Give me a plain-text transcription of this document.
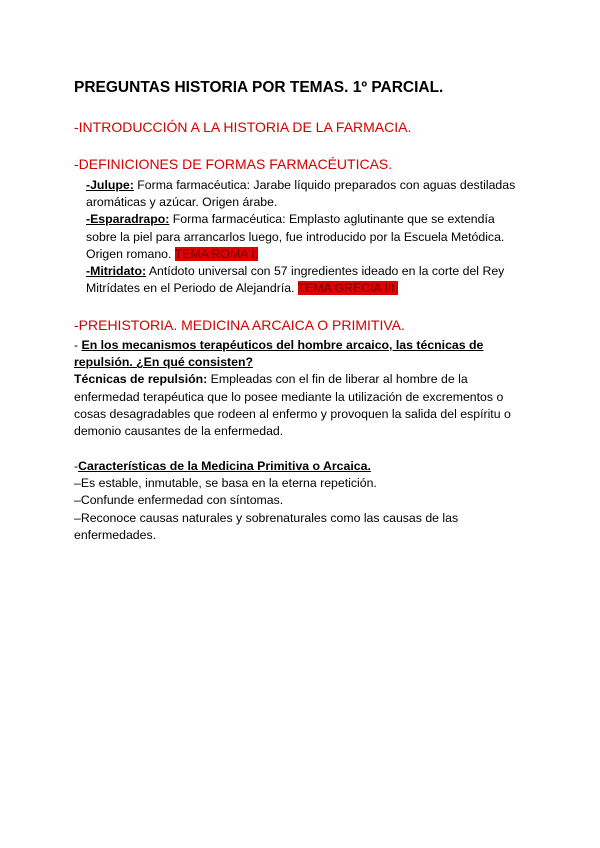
PREGUNTAS HISTORIA POR TEMAS. 1º PARCIAL.

-INTRODUCCIÓN A LA HISTORIA DE LA FARMACIA.

-DEFINICIONES DE FORMAS FARMACÉUTICAS.

-Julupe: Forma farmacéutica: Jarabe líquido preparados con aguas destiladas aromáticas y azúcar. Origen árabe.

-Esparadrapo: Forma farmacéutica: Emplasto aglutinante que se extendía sobre la piel para arrancarlos luego, fue introducido por la Escuela Metódica. Origen romano. TEMA ROMA I.

-Mitridato: Antídoto universal con 57 ingredientes ideado en la corte del Rey Mitrídates en el Periodo de Alejandría. TEMA GRECIA III.

-PREHISTORIA. MEDICINA ARCAICA O PRIMITIVA.

- En los mecanismos terapéuticos del hombre arcaico, las técnicas de repulsión. ¿En qué consisten?

Técnicas de repulsión: Empleadas con el fin de liberar al hombre de la enfermedad terapéutica que lo posee mediante la utilización de excrementos o cosas desagradables que rodeen al enfermo y provoquen la salida del espíritu o demonio causantes de la enfermedad.

-Características de la Medicina Primitiva o Arcaica.

–Es estable, inmutable, se basa en la eterna repetición.

–Confunde enfermedad con síntomas.

–Reconoce causas naturales y sobrenaturales como las causas de las enfermedades.
